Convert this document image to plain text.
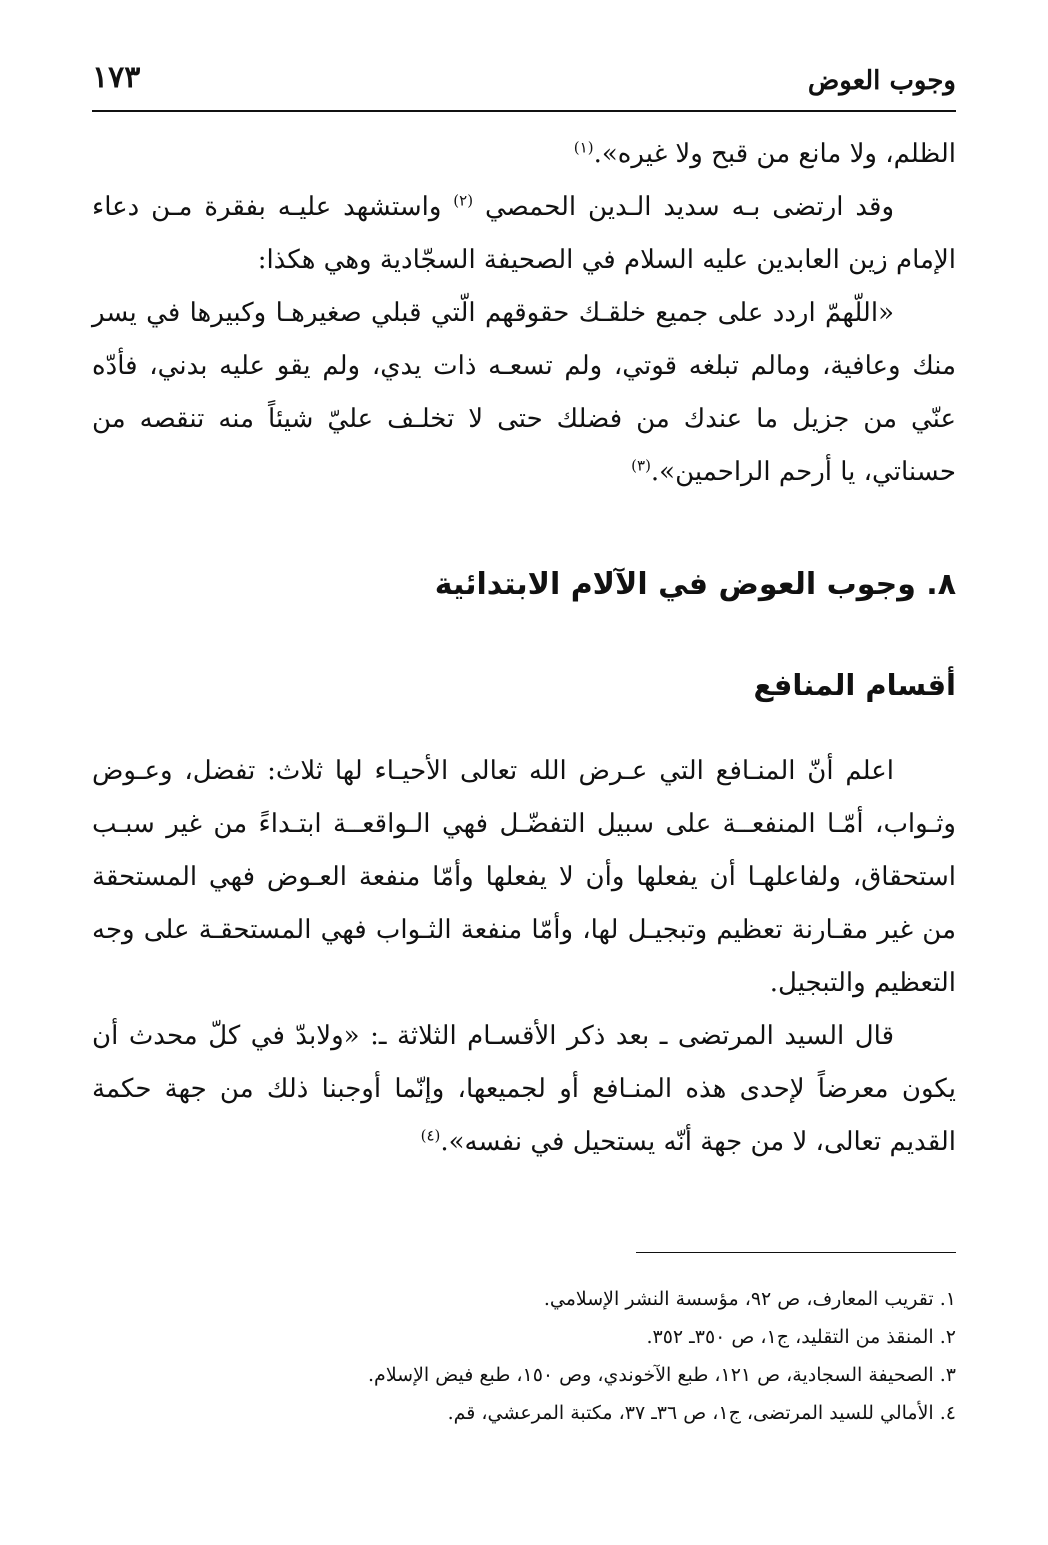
وجوب العوض
١٧٣

الظلم، ولا مانع من قبح ولا غيره».$^{(١)}$

وقد ارتضى بـه سديد الـدين الحمصي $^{(٢)}$ واستشهد عليـه بفقرة مـن دعاء الإمام زين العابدين عليه السلام في الصحيفة السجّادية وهي هكذا:

«اللّهمّ اردد على جميع خلقـك حقوقهم الّتي قبلي صغيرهـا وكبيرها في يسر منك وعافية، ومالم تبلغه قوتي، ولم تسعـه ذات يدي، ولم يقو عليه بدني، فأدّه عنّي من جزيل ما عندك من فضلك حتى لا تخلـف عليّ شيئاً منه تنقصه من حسناتي، يا أرحم الراحمين».$^{(٣)}$

٨. وجوب العوض في الآلام الابتدائية
أقسام المنافع

اعلم أنّ المنـافع التي عـرض الله تعالى الأحيـاء لها ثلاث: تفضل، وعـوض وثـواب، أمّـا المنفعــة على سبيل التفضّـل فهي الـواقعــة ابتـداءً من غير سبـب استحقاق، ولفاعلهـا أن يفعلها وأن لا يفعلها وأمّا منفعة العـوض فهي المستحقة من غير مقـارنة تعظيم وتبجيـل لها، وأمّا منفعة الثـواب فهي المستحقـة على وجه التعظيم والتبجيل.

قال السيد المرتضى ـ بعد ذكر الأقسـام الثلاثة ـ: «ولابدّ في كلّ محدث أن يكون معرضاً لإحدى هذه المنـافع أو لجميعها، وإنّما أوجبنا ذلك من جهة حكمة القديم تعالى، لا من جهة أنّه يستحيل في نفسه».$^{(٤)}$

١. تقريب المعارف، ص ٩٢، مؤسسة النشر الإسلامي.
٢. المنقذ من التقليد، ج١، ص ٣٥٠ـ ٣٥٢.
٣. الصحيفة السجادية، ص ١٢١، طبع الآخوندي، وص ١٥٠، طبع فيض الإسلام.
٤. الأمالي للسيد المرتضى، ج١، ص ٣٦ـ ٣٧، مكتبة المرعشي، قم.
